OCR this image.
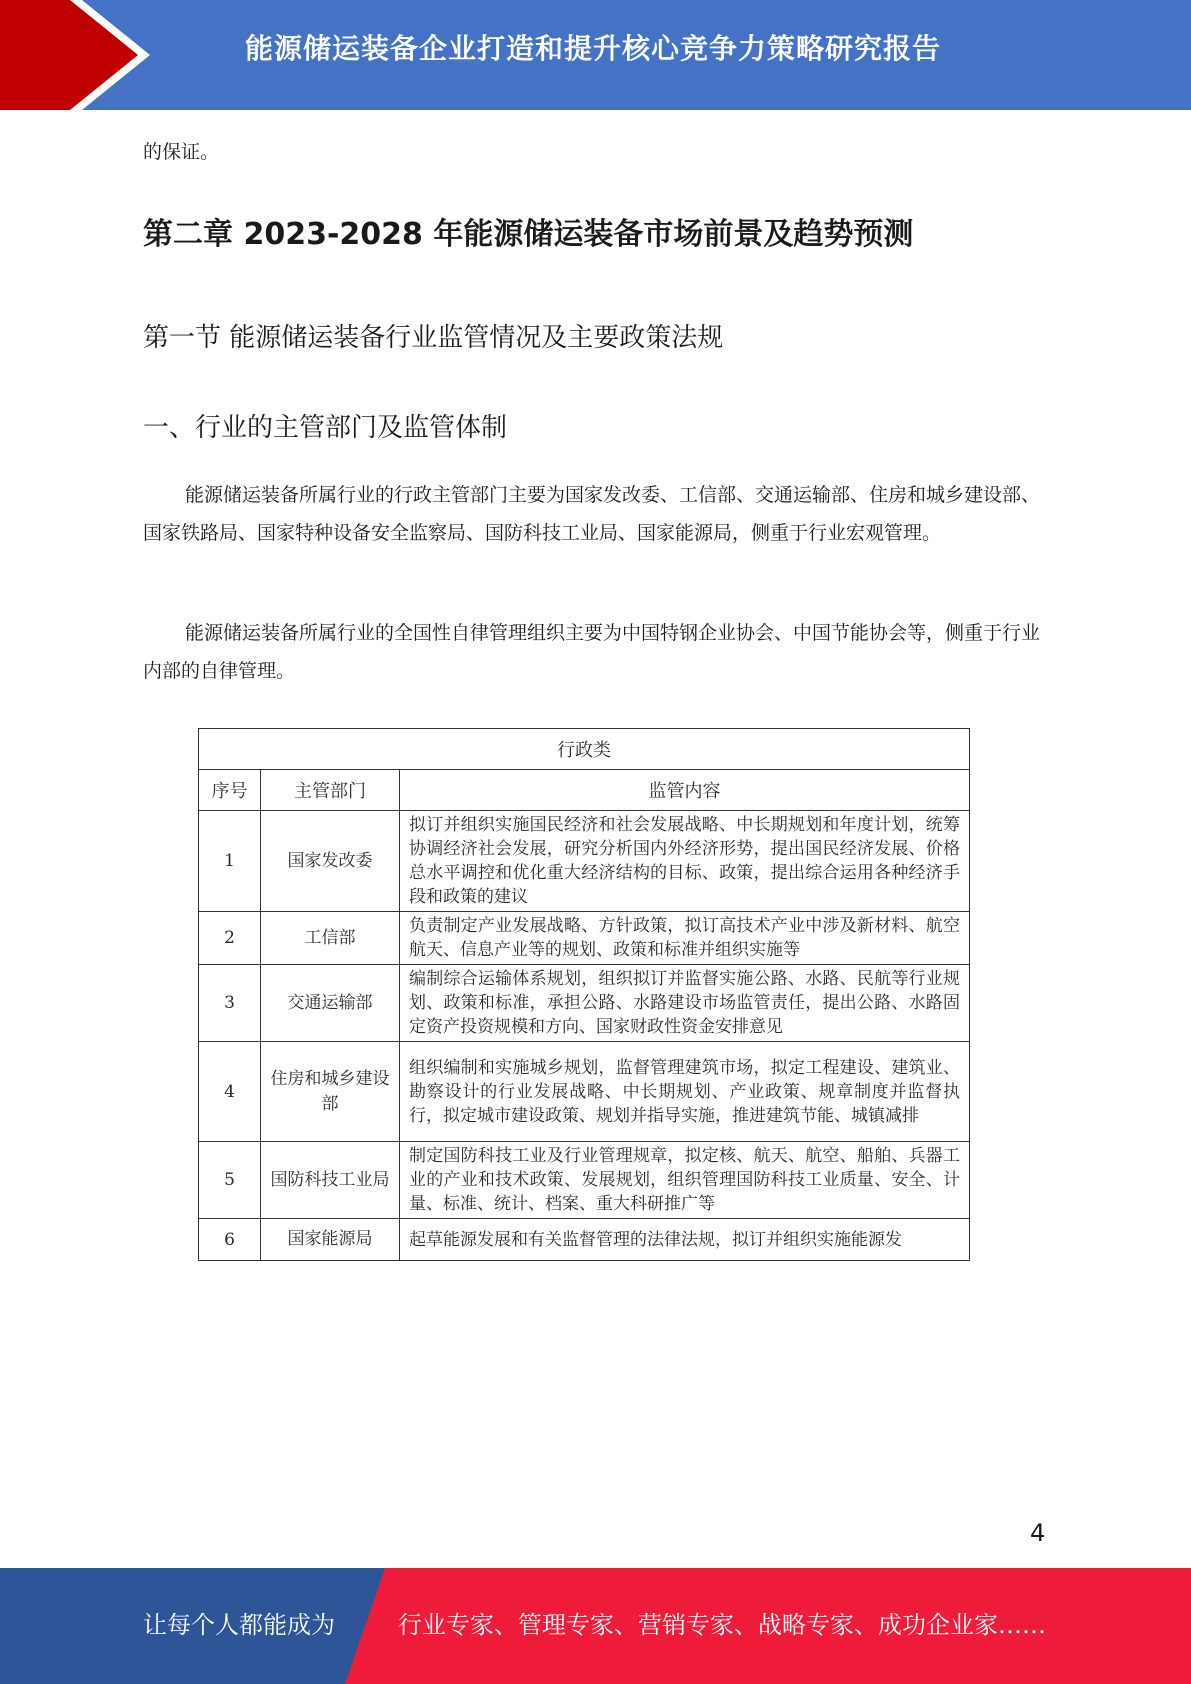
能源储运装备企业打造和提升核心竞争力策略研究报告
的保证。
第二章 2023-2028 年能源储运装备市场前景及趋势预测
第一节 能源储运装备行业监管情况及主要政策法规
一、行业的主管部门及监管体制

能源储运装备所属行业的行政主管部门主要为国家发改委、工信部、交通运输部、住房和城乡建设部、国家铁路局、国家特种设备安全监察局、国防科技工业局、国家能源局，侧重于行业宏观管理。

能源储运装备所属行业的全国性自律管理组织主要为中国特钢企业协会、中国节能协会等，侧重于行业内部的自律管理。

行政类		
序号	主管部门	监管内容
1	国家发改委	拟订并组织实施国民经济和社会发展战略、中长期规划和年度计划，统筹协调经济社会发展，研究分析国内外经济形势，提出国民经济发展、价格总水平调控和优化重大经济结构的目标、政策，提出综合运用各种经济手段和政策的建议
2	工信部	负责制定产业发展战略、方针政策，拟订高技术产业中涉及新材料、航空航天、信息产业等的规划、政策和标准并组织实施等
3	交通运输部	编制综合运输体系规划，组织拟订并监督实施公路、水路、民航等行业规划、政策和标准，承担公路、水路建设市场监管责任，提出公路、水路固定资产投资规模和方向、国家财政性资金安排意见
4	住房和城乡建设部	组织编制和实施城乡规划，监督管理建筑市场，拟定工程建设、建筑业、勘察设计的行业发展战略、中长期规划、产业政策、规章制度并监督执行，拟定城市建设政策、规划并指导实施，推进建筑节能、城镇减排
5	国防科技工业局	制定国防科技工业及行业管理规章，拟定核、航天、航空、船舶、兵器工业的产业和技术政策、发展规划，组织管理国防科技工业质量、安全、计量、标准、统计、档案、重大科研推广等
6	国家能源局	起草能源发展和有关监督管理的法律法规，拟订并组织实施能源发
4
让每个人都能成为	行业专家、管理专家、营销专家、战略专家、成功企业家……
